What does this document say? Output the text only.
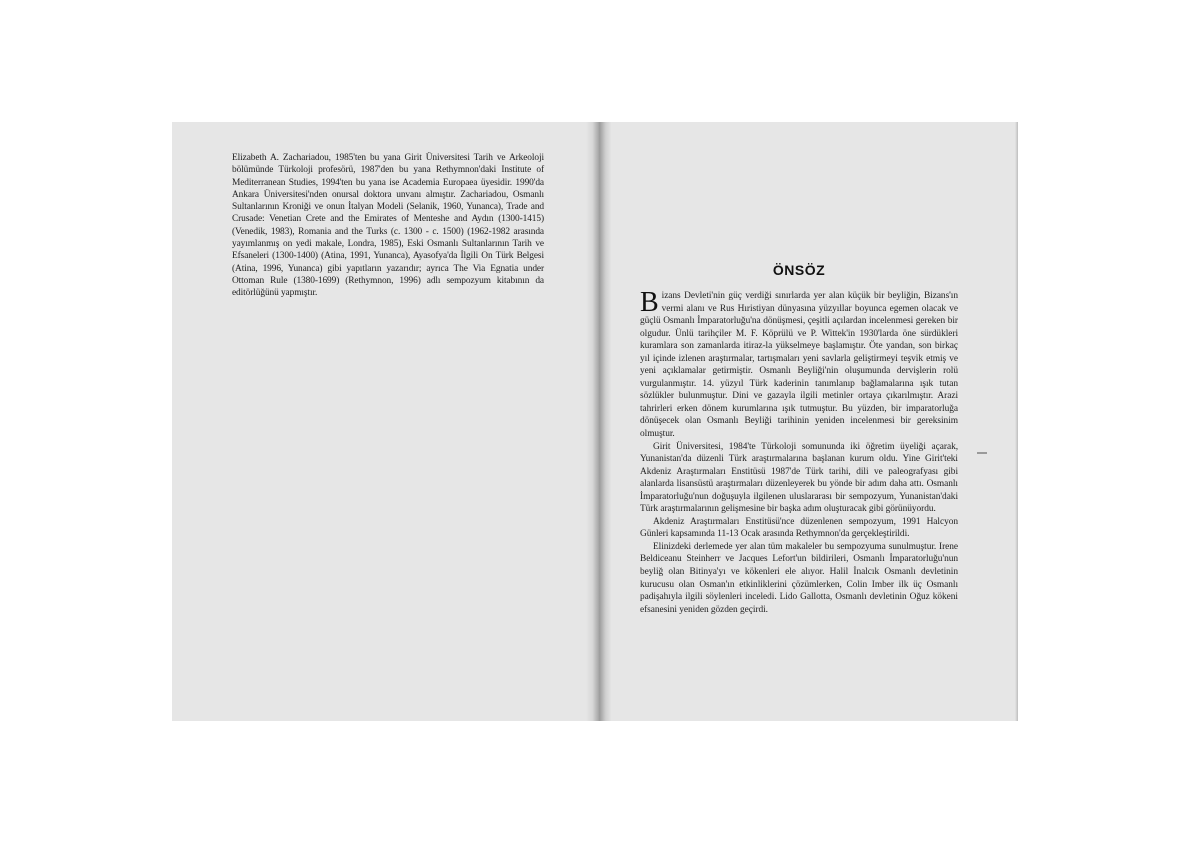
Elizabeth A. Zachariadou, 1985'ten bu yana Girit Üniversitesi Tarih ve Arkeoloji bölümünde Türkoloji profesörü, 1987'den bu yana Rethymnon'daki Institute of Mediterranean Studies, 1994'ten bu yana ise Academia Europaea üyesidir. 1990'da Ankara Üniversitesi'nden onursal doktora unvanı almıştır. Zachariadou, Osmanlı Sultanlarının Kroniği ve onun İtalyan Modeli (Selanik, 1960, Yunanca), Trade and Crusade: Venetian Crete and the Emirates of Menteshe and Aydın (1300-1415) (Venedik, 1983), Romania and the Turks (c. 1300 - c. 1500) (1962-1982 arasında yayımlanmış on yedi makale, Londra, 1985), Eski Osmanlı Sultanlarının Tarih ve Efsaneleri (1300-1400) (Atina, 1991, Yunanca), Ayasofya'da İlgili On Türk Belgesi (Atina, 1996, Yunanca) gibi yapıtların yazarıdır; ayrıca The Via Egnatia under Ottoman Rule (1380-1699) (Rethymnon, 1996) adlı sempozyum kitabının da editörlüğünü yapmıştır.

ÖNSÖZ

Bizans Devleti'nin güç verdiği sınırlarda yer alan küçük bir beyliğin, Bizans'ın vermi alanı ve Rus Hıristiyan dünyasına yüzyıllar boyunca egemen olacak ve güçlü Osmanlı İmparatorluğu'na dönüşmesi, çeşitli açılardan incelenmesi gereken bir olgudur. Ünlü tarihçiler M. F. Köprülü ve P. Wittek'in 1930'larda öne sürdükleri kuramlara son zamanlarda itiraz-la yükselmeye başlamıştır. Öte yandan, son birkaç yıl içinde izlenen araştırmalar, tartışmaları yeni savlarla geliştirmeyi teşvik etmiş ve yeni açıklamalar getirmiştir. Osmanlı Beyliği'nin oluşumunda dervişlerin rolü vurgulanmıştır. 14. yüzyıl Türk kaderinin tanımlanıp bağlamalarına ışık tutan sözlükler bulunmuştur. Dini ve gazayla ilgili metinler ortaya çıkarılmıştır. Arazi tahrirleri erken dönem kurumlarına ışık tutmuştur. Bu yüzden, bir imparatorluğa dönüşecek olan Osmanlı Beyliği tarihinin yeniden incelenmesi bir gereksinim olmuştur.

Girit Üniversitesi, 1984'te Türkoloji somununda iki öğretim üyeliği açarak, Yunanistan'da düzenli Türk araştırmalarına başlanan kurum oldu. Yine Girit'teki Akdeniz Araştırmaları Enstitüsü 1987'de Türk tarihi, dili ve paleografyası gibi alanlarda lisansüstü araştırmaları düzenleyerek bu yönde bir adım daha attı. Osmanlı İmparatorluğu'nun doğuşuyla ilgilenen uluslararası bir sempozyum, Yunanistan'daki Türk araştırmalarının gelişmesine bir başka adım oluşturacak gibi görünüyordu.

Akdeniz Araştırmaları Enstitüsü'nce düzenlenen sempozyum, 1991 Halcyon Günleri kapsamında 11-13 Ocak arasında Rethymnon'da gerçekleştirildi.

Elinizdeki derlemede yer alan tüm makaleler bu sempozyuma sunulmuştur. Irene Beldiceanu Steinherr ve Jacques Lefort'un bildirileri, Osmanlı İmparatorluğu'nun beyliğ olan Bitinya'yı ve kökenleri ele alıyor. Halil İnalcık Osmanlı devletinin kurucusu olan Osman'ın etkinliklerini çözümlerken, Colin Imber ilk üç Osmanlı padişahıyla ilgili söylenleri inceledi. Lido Gallotta, Osmanlı devletinin Oğuz kökeni efsanesini yeniden gözden geçirdi.
